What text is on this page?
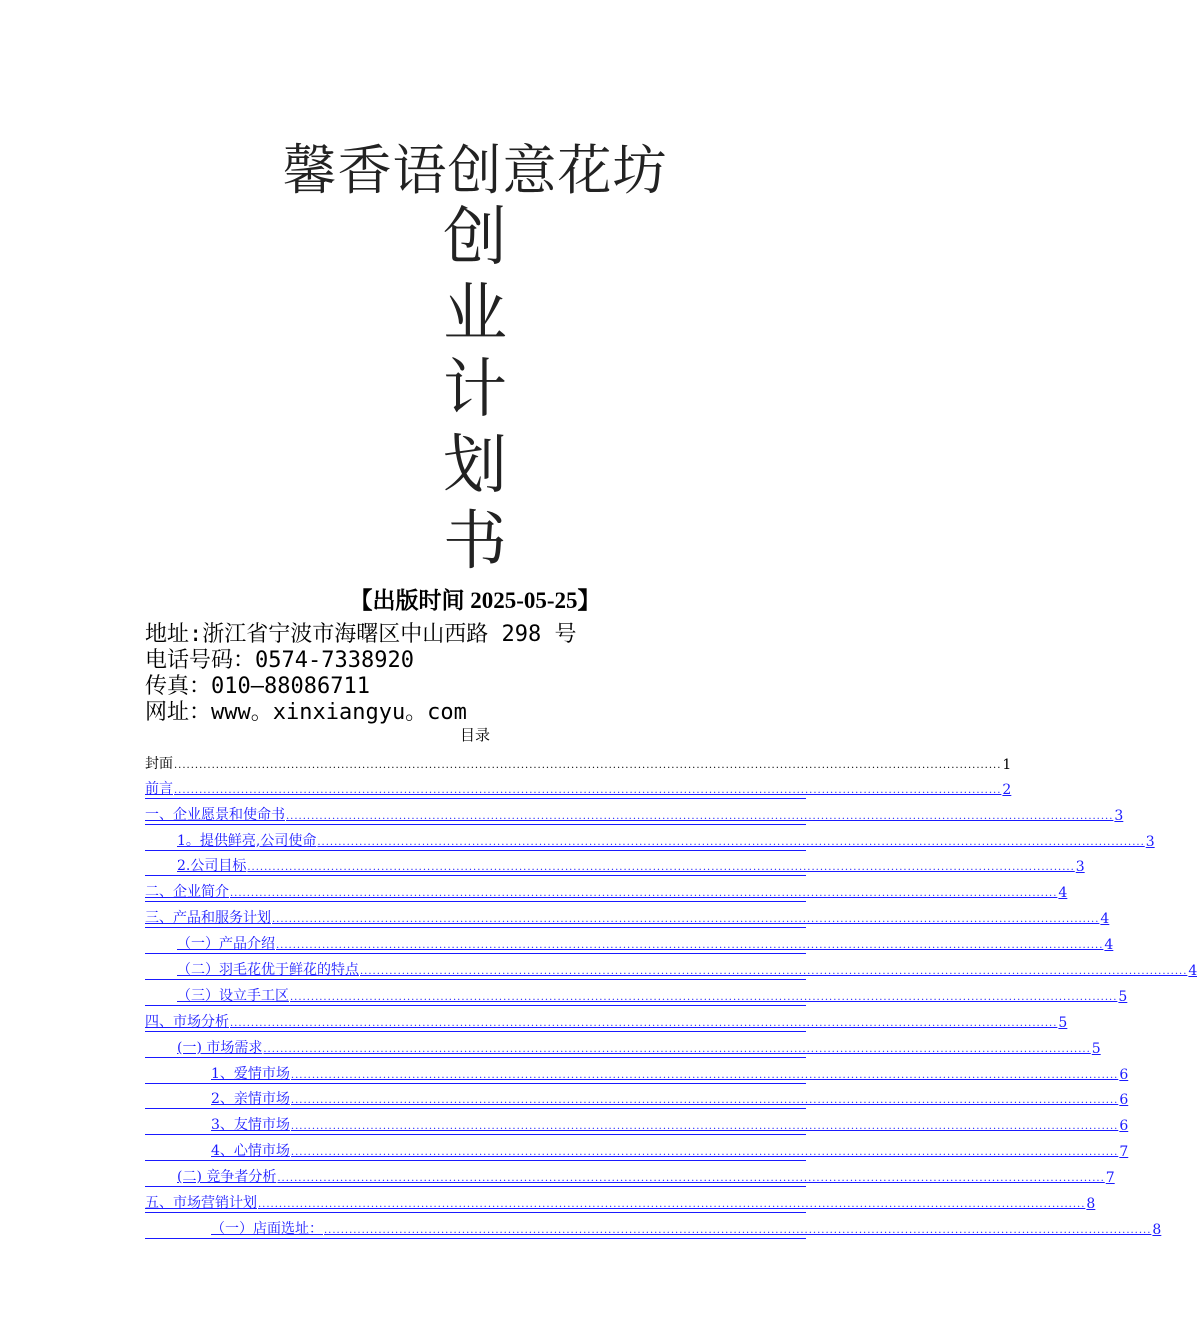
馨香语创意花坊
创
业
计
划
书
【出版时间 2025-05-25】
地址:浙江省宁波市海曙区中山西路 298 号
电话号码：0574-7338920
传真：010—88086711
网址：www。xinxiangyu。com
目录
封面 ...................................................................................................................................................................................................... 1
前言 ...................................................................................................................................................................................................... 2
一、企业愿景和使命书 ...................................................................................................................................................................................................... 3
1。提供鲜亮,公司使命 ...................................................................................................................................................................................................... 3
2.公司目标 ...................................................................................................................................................................................................... 3
二、企业简介 ...................................................................................................................................................................................................... 4
三、产品和服务计划 ...................................................................................................................................................................................................... 4
（一）产品介绍 ...................................................................................................................................................................................................... 4
（二）羽毛花优于鲜花的特点 ...................................................................................................................................................................................................... 4
（三）设立手工区 ...................................................................................................................................................................................................... 5
四、市场分析 ...................................................................................................................................................................................................... 5
(一) 市场需求 ...................................................................................................................................................................................................... 5
1、爱情市场 ...................................................................................................................................................................................................... 6
2、亲情市场 ...................................................................................................................................................................................................... 6
3、友情市场 ...................................................................................................................................................................................................... 6
4、心情市场 ...................................................................................................................................................................................................... 7
(二) 竞争者分析 ...................................................................................................................................................................................................... 7
五、市场营销计划 ...................................................................................................................................................................................................... 8
（一）店面选址： ...................................................................................................................................................................................................... 8
